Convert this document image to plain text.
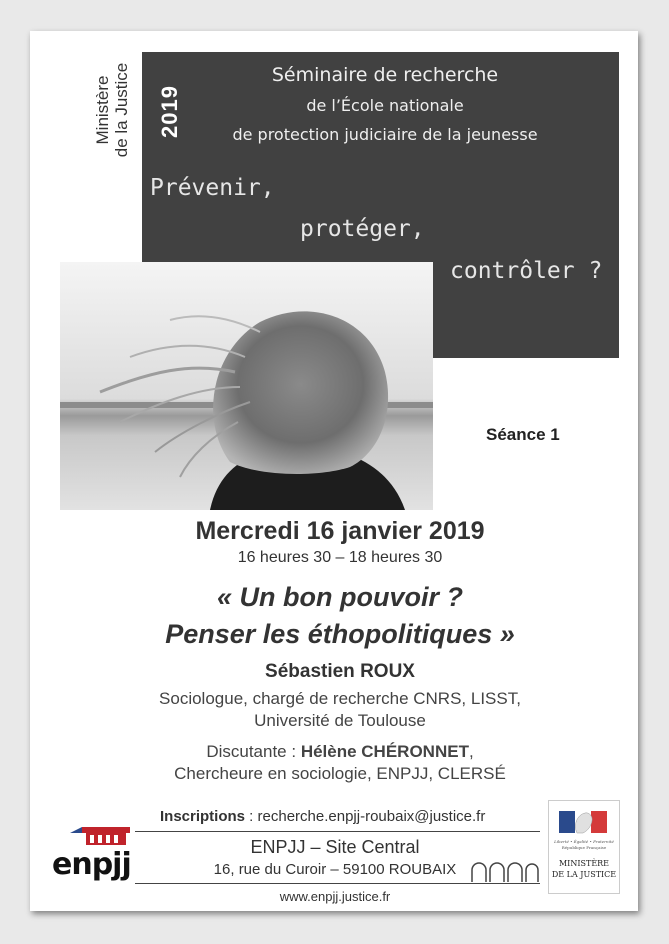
Ministère de la Justice 2019
Séminaire de recherche
de l’École nationale
de protection judiciaire de la jeunesse
Prévenir,
protéger,
contrôler ?
Séance 1
Mercredi 16 janvier 2019
16 heures 30 – 18 heures 30
« Un bon pouvoir ?
Penser les éthopolitiques »
Sébastien ROUX
Sociologue, chargé de recherche CNRS, LISST,
Université de Toulouse
Discutante : Hélène CHÉRONNET,
Chercheure en sociologie, ENPJJ, CLERSÉ
Inscriptions : recherche.enpjj-roubaix@justice.fr
ENPJJ – Site Central
16, rue du Curoir – 59100 ROUBAIX
www.enpjj.justice.fr
enpjj
Liberté • Égalité • Fraternité
République Française
MINISTÈRE
DE LA JUSTICE
